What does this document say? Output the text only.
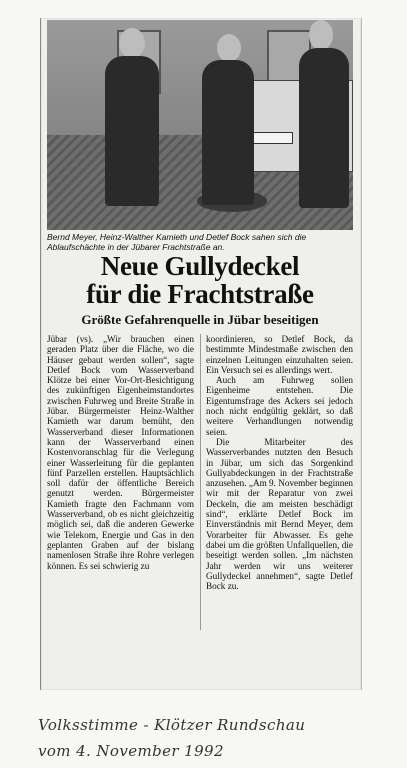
Bernd Meyer, Heinz-Walther Kamieth und Detlef Bock sahen sich die Ablaufschächte in der Jübarer Frachtstraße an.
Neue Gullydeckel
für die Frachtstraße
Größte Gefahrenquelle in Jübar beseitigen

Jübar (vs). „Wir brauchen einen geraden Platz über die Fläche, wo die Häuser gebaut werden sollen“, sagte Detlef Bock vom Wasserverband Klötze bei einer Vor-Ort-Besichtigung des zukünftigen Eigenheimstandortes zwischen Fuhrweg und Breite Straße in Jübar. Bürgermeister Heinz-Walther Kamieth war darum bemüht, den Wasserverband dieser Informationen kann der Wasserverband einen Kostenvoranschlag für die Verlegung einer Wasserleitung für die geplanten fünf Parzellen erstellen. Hauptsächlich soll dafür der öffentliche Bereich genutzt werden. Bürgermeister Kamieth fragte den Fachmann vom Wasserverband, ob es nicht gleichzeitig möglich sei, daß die anderen Gewerke wie Telekom, Energie und Gas in den geplanten Graben auf der bislang namenlosen Straße ihre Rohre verlegen können. Es sei schwierig zu

koordinieren, so Detlef Bock, da bestimmte Mindestmaße zwischen den einzelnen Leitungen einzuhalten seien. Ein Versuch sei es allerdings wert.

Auch am Fuhrweg sollen Eigenheime entstehen. Die Eigentumsfrage des Ackers sei jedoch noch nicht endgültig geklärt, so daß weitere Verhandlungen notwendig seien.

Die Mitarbeiter des Wasserverbandes nutzten den Besuch in Jübar, um sich das Sorgenkind Gullyabdeckungen in der Frachtstraße anzusehen. „Am 9. November beginnen wir mit der Reparatur von zwei Deckeln, die am meisten beschädigt sind“, erklärte Detlef Bock im Einverständnis mit Bernd Meyer, dem Vorarbeiter für Abwasser. Es gehe dabei um die größten Unfallquellen, die beseitigt werden sollen. „Im nächsten Jahr werden wir uns weiterer Gullydeckel annehmen“, sagte Detlef Bock zu.

Volksstimme - Klötzer Rundschau
vom 4. November 1992
